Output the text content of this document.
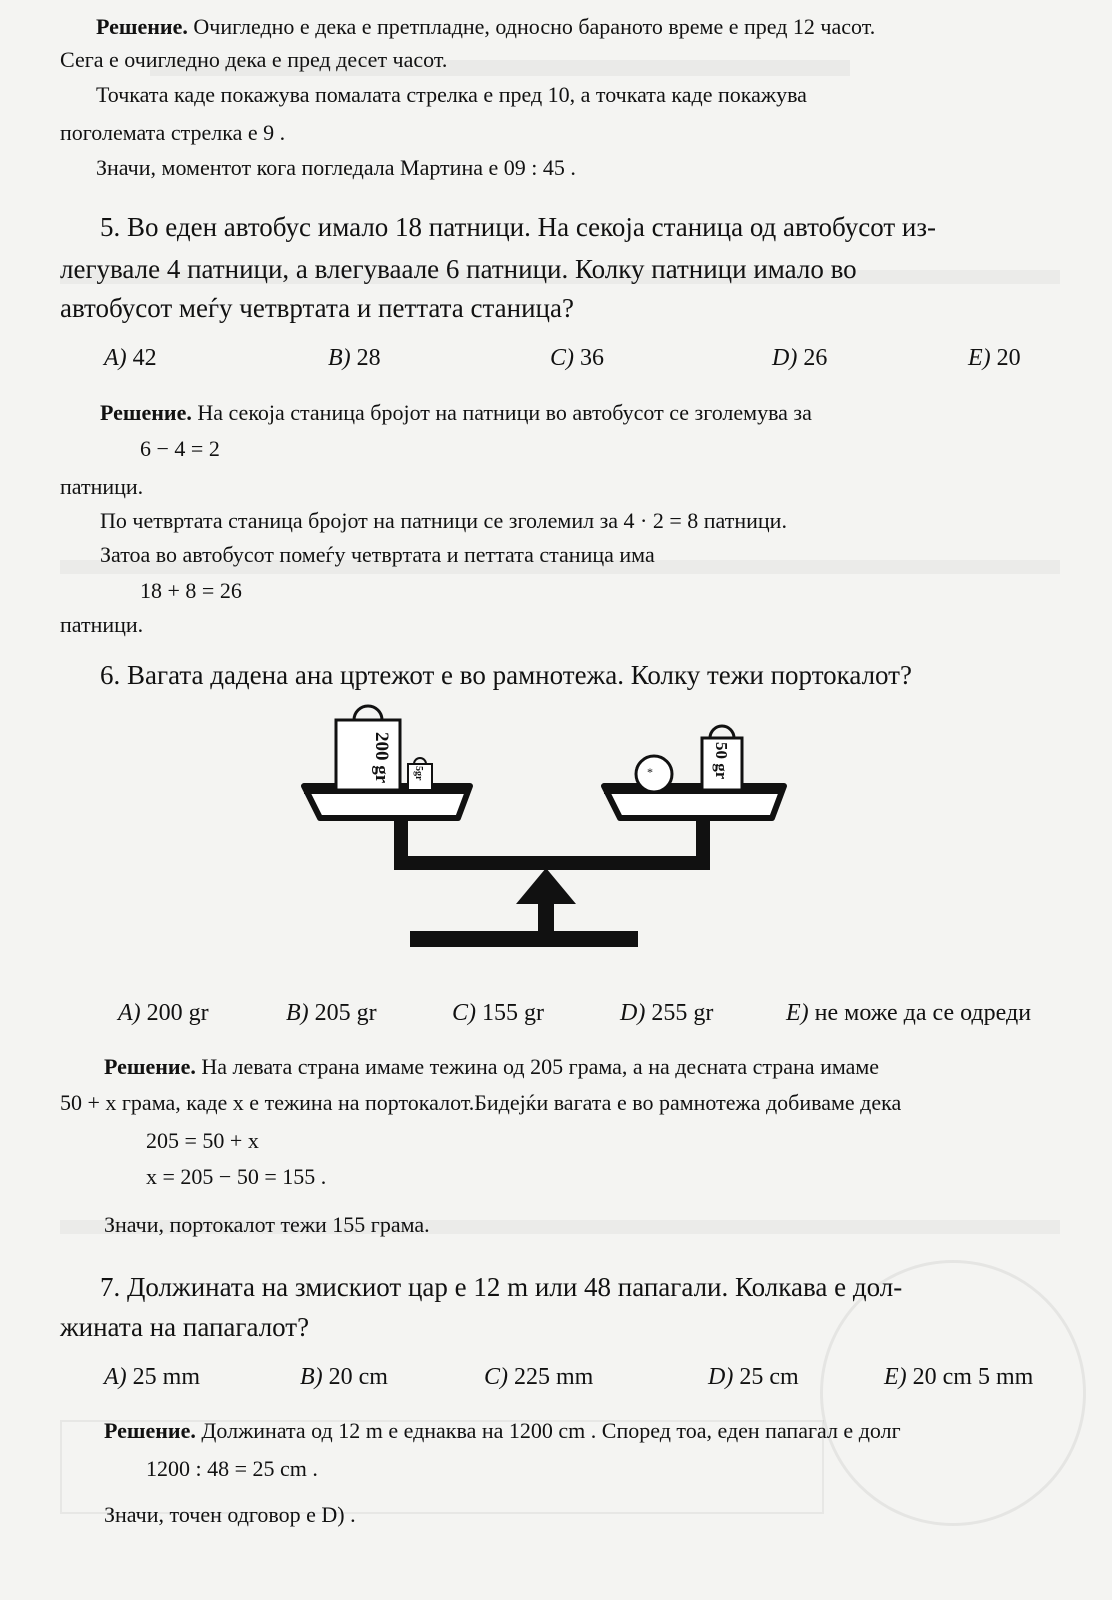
Решение. Очигледно е дека е претпладне, односно бараното време е пред 12 часот.
Сега е очигледно дека е пред десет часот.
Точката каде покажува помалата стрелка е пред 10, а точката каде покажува
поголемата стрелка е 9 .
Значи, моментот кога погледала Мартина е 09 : 45 .
5. Во еден автобус имало 18 патници. На секоја станица од автобусот из-
легувале 4 патници, а влегуваале 6 патници. Колку патници имало во
автобусот меѓу четвртата и петтата станица?
A) 42	B) 28	C) 36	D) 26	E) 20
Решение. На секоја станица бројот на патници во автобусот се зголемува за
6 − 4 = 2
патници.
По четвртата станица бројот на патници се зголемил за 4 · 2 = 8 патници.
Затоа во автобусот помеѓу четвртата и петтата станица има
18 + 8 = 26
патници.
6. Вагата дадена ана цртежот е во рамнотежа. Колку тежи портокалот?
200 gr 5gr	*	50 gr
A) 200 gr	B) 205 gr	C) 155 gr	D) 255 gr	E) не може да се одреди
Решение. На левата страна имаме тежина од 205 грама, а на десната страна имаме
50 + x грама, каде x е тежина на портокалот.Бидејќи вагата е во рамнотежа добиваме дека
205 = 50 + x
x = 205 − 50 = 155 .
Значи, портокалот тежи 155 грама.
7. Должината на змискиот цар е 12 m или 48 папагали. Колкава е дол-
жината на папагалот?
A) 25 mm	B) 20 cm	C) 225 mm	D) 25 cm	E) 20 cm 5 mm
Решение. Должината од 12 m е еднаква на 1200 cm . Според тоа, еден папагал е долг
1200 : 48 = 25 cm .
Значи, точен одговор е D) .
